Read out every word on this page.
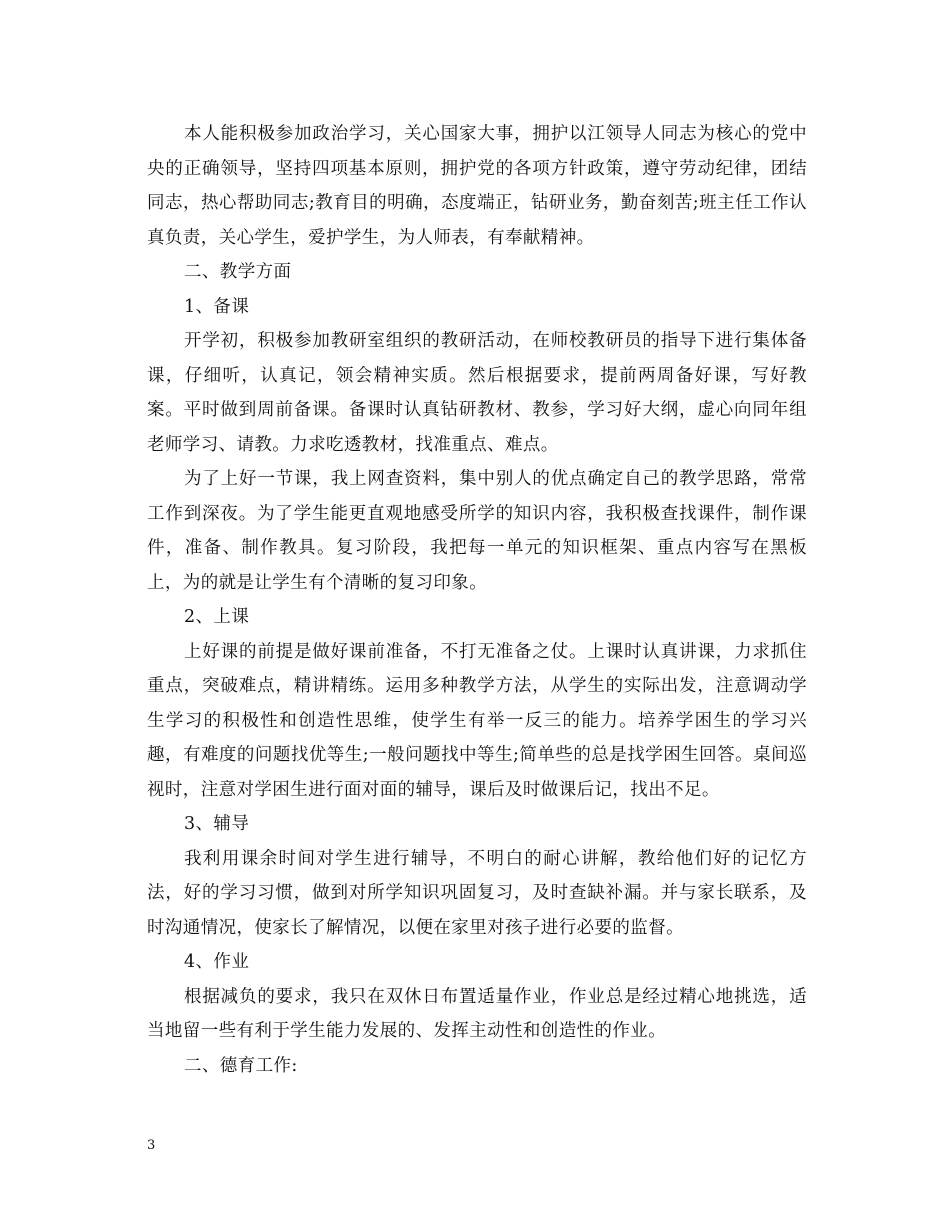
本人能积极参加政治学习，关心国家大事，拥护以江领导人同志为核心的党中央的正确领导，坚持四项基本原则，拥护党的各项方针政策，遵守劳动纪律，团结同志，热心帮助同志;教育目的明确，态度端正，钻研业务，勤奋刻苦;班主任工作认真负责，关心学生，爱护学生，为人师表，有奉献精神。

二、教学方面

1、备课

开学初，积极参加教研室组织的教研活动，在师校教研员的指导下进行集体备课，仔细听，认真记，领会精神实质。然后根据要求，提前两周备好课，写好教案。平时做到周前备课。备课时认真钻研教材、教参，学习好大纲，虚心向同年组老师学习、请教。力求吃透教材，找准重点、难点。

为了上好一节课，我上网查资料，集中别人的优点确定自己的教学思路，常常工作到深夜。为了学生能更直观地感受所学的知识内容，我积极查找课件，制作课件，准备、制作教具。复习阶段，我把每一单元的知识框架、重点内容写在黑板上，为的就是让学生有个清晰的复习印象。

2、上课

上好课的前提是做好课前准备，不打无准备之仗。上课时认真讲课，力求抓住重点，突破难点，精讲精练。运用多种教学方法，从学生的实际出发，注意调动学生学习的积极性和创造性思维，使学生有举一反三的能力。培养学困生的学习兴趣，有难度的问题找优等生;一般问题找中等生;简单些的总是找学困生回答。桌间巡视时，注意对学困生进行面对面的辅导，课后及时做课后记，找出不足。

3、辅导

我利用课余时间对学生进行辅导，不明白的耐心讲解，教给他们好的记忆方法，好的学习习惯，做到对所学知识巩固复习，及时查缺补漏。并与家长联系，及时沟通情况，使家长了解情况，以便在家里对孩子进行必要的监督。

4、作业

根据减负的要求，我只在双休日布置适量作业，作业总是经过精心地挑选，适当地留一些有利于学生能力发展的、发挥主动性和创造性的作业。

二、德育工作:

3
